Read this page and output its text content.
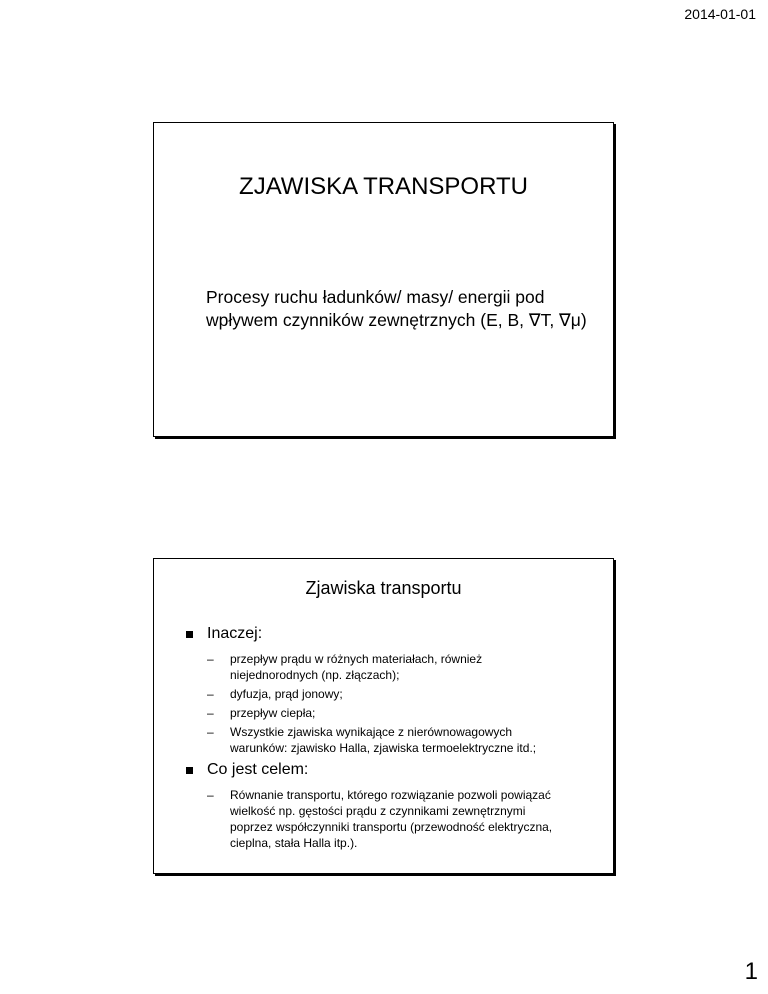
2014-01-01
ZJAWISKA TRANSPORTU
Procesy ruchu ładunków/ masy/ energii pod
wpływem czynników zewnętrznych (E, B, ∇T, ∇μ)
Zjawiska transportu
Inaczej:
– przepływ prądu w różnych materiałach, również
niejednorodnych (np. złączach);
– dyfuzja, prąd jonowy;
– przepływ ciepła;
– Wszystkie zjawiska wynikające z nierównowagowych
warunków: zjawisko Halla, zjawiska termoelektryczne itd.;
Co jest celem:
– Równanie transportu, którego rozwiązanie pozwoli powiązać
wielkość np. gęstości prądu z czynnikami zewnętrznymi
poprzez współczynniki transportu (przewodność elektryczna,
cieplna, stała Halla itp.).
1
